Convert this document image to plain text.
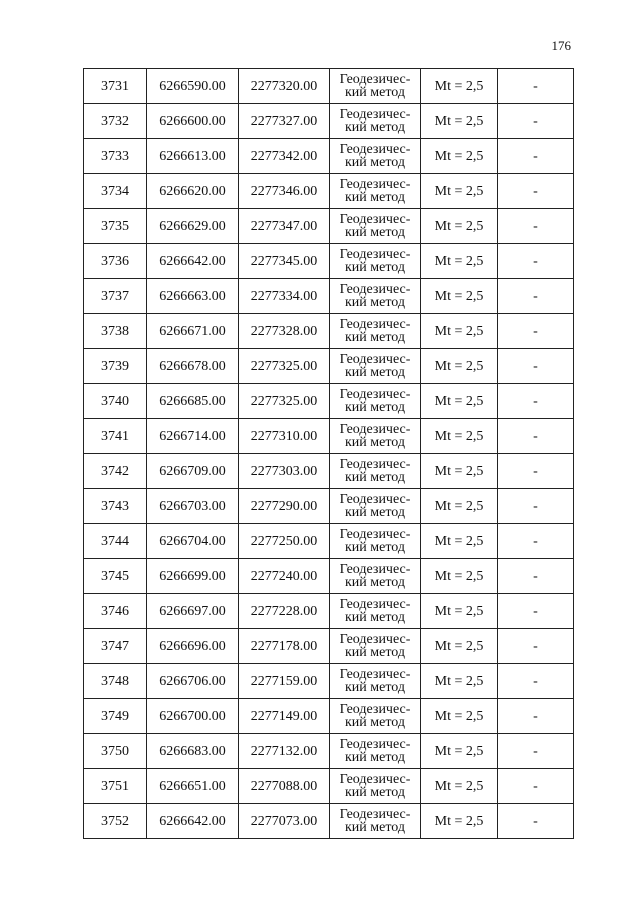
176
3731	6266590.00	2277320.00	Геодезичес-
кий метод	Mt = 2,5	-
3732	6266600.00	2277327.00	Геодезичес-
кий метод	Mt = 2,5	-
3733	6266613.00	2277342.00	Геодезичес-
кий метод	Mt = 2,5	-
3734	6266620.00	2277346.00	Геодезичес-
кий метод	Mt = 2,5	-
3735	6266629.00	2277347.00	Геодезичес-
кий метод	Mt = 2,5	-
3736	6266642.00	2277345.00	Геодезичес-
кий метод	Mt = 2,5	-
3737	6266663.00	2277334.00	Геодезичес-
кий метод	Mt = 2,5	-
3738	6266671.00	2277328.00	Геодезичес-
кий метод	Mt = 2,5	-
3739	6266678.00	2277325.00	Геодезичес-
кий метод	Mt = 2,5	-
3740	6266685.00	2277325.00	Геодезичес-
кий метод	Mt = 2,5	-
3741	6266714.00	2277310.00	Геодезичес-
кий метод	Mt = 2,5	-
3742	6266709.00	2277303.00	Геодезичес-
кий метод	Mt = 2,5	-
3743	6266703.00	2277290.00	Геодезичес-
кий метод	Mt = 2,5	-
3744	6266704.00	2277250.00	Геодезичес-
кий метод	Mt = 2,5	-
3745	6266699.00	2277240.00	Геодезичес-
кий метод	Mt = 2,5	-
3746	6266697.00	2277228.00	Геодезичес-
кий метод	Mt = 2,5	-
3747	6266696.00	2277178.00	Геодезичес-
кий метод	Mt = 2,5	-
3748	6266706.00	2277159.00	Геодезичес-
кий метод	Mt = 2,5	-
3749	6266700.00	2277149.00	Геодезичес-
кий метод	Mt = 2,5	-
3750	6266683.00	2277132.00	Геодезичес-
кий метод	Mt = 2,5	-
3751	6266651.00	2277088.00	Геодезичес-
кий метод	Mt = 2,5	-
3752	6266642.00	2277073.00	Геодезичес-
кий метод	Mt = 2,5	-
